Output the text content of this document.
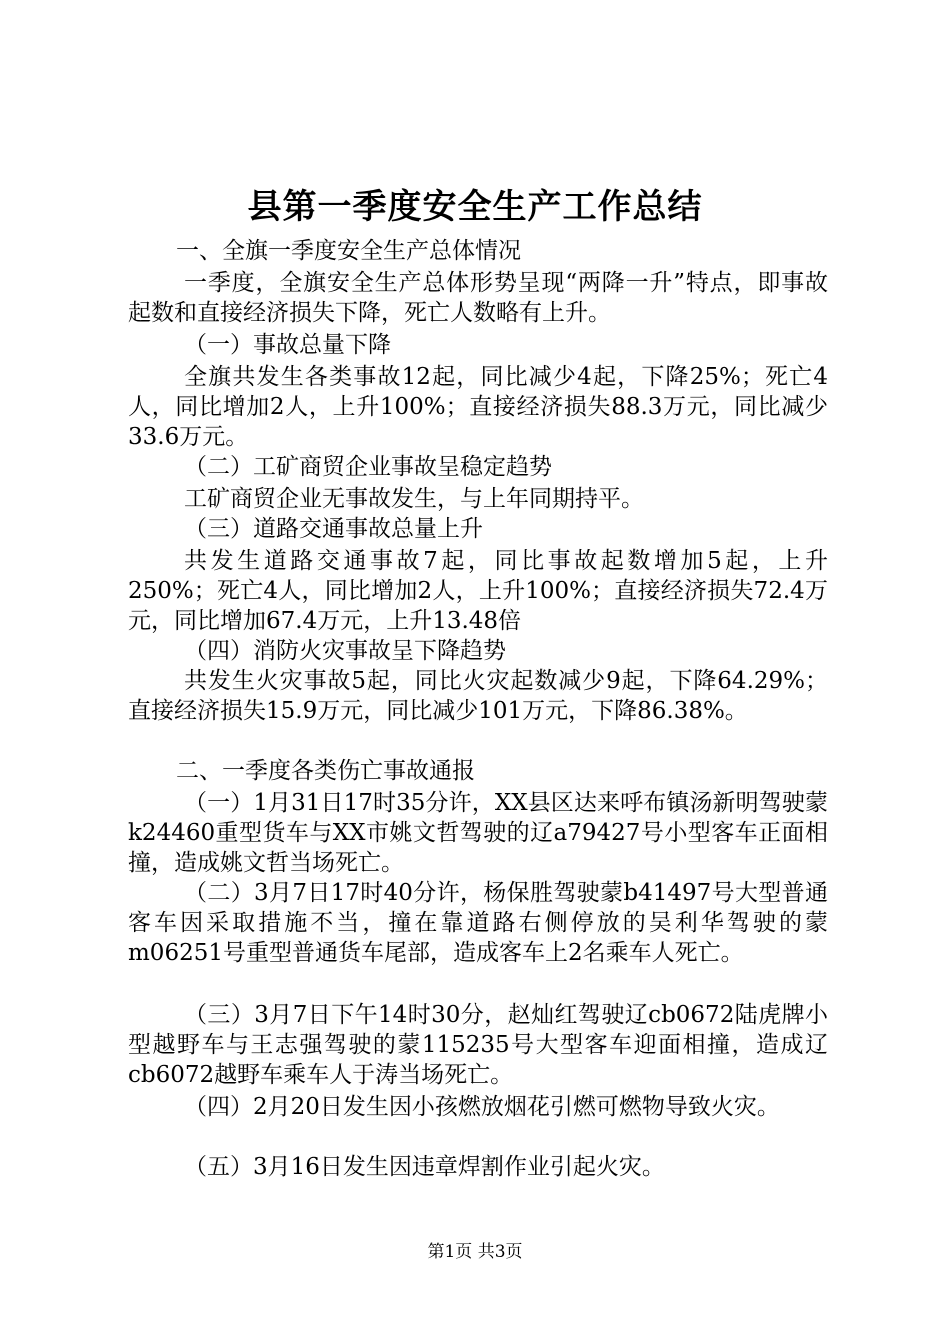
县第一季度安全生产工作总结
一、全旗一季度安全生产总体情况
一季度，全旗安全生产总体形势呈现“两降一升”特点，即事故起数和直接经济损失下降，死亡人数略有上升。
（一）事故总量下降
全旗共发生各类事故12起，同比减少4起，下降25%；死亡4人，同比增加2人，上升100%；直接经济损失88.3万元，同比减少33.6万元。
（二）工矿商贸企业事故呈稳定趋势
工矿商贸企业无事故发生，与上年同期持平。
（三）道路交通事故总量上升
共发生道路交通事故7起，同比事故起数增加5起，上升250%；死亡4人，同比增加2人，上升100%；直接经济损失72.4万元，同比增加67.4万元，上升13.48倍
（四）消防火灾事故呈下降趋势
共发生火灾事故5起，同比火灾起数减少9起，下降64.29%；直接经济损失15.9万元，同比减少101万元，下降86.38%。
二、一季度各类伤亡事故通报
（一）1月31日17时35分许，XX县区达来呼布镇汤新明驾驶蒙k24460重型货车与XX市姚文哲驾驶的辽a79427号小型客车正面相撞，造成姚文哲当场死亡。
（二）3月7日17时40分许，杨保胜驾驶蒙b41497号大型普通客车因采取措施不当，撞在靠道路右侧停放的吴利华驾驶的蒙m06251号重型普通货车尾部，造成客车上2名乘车人死亡。
（三）3月7日下午14时30分，赵灿红驾驶辽cb0672陆虎牌小型越野车与王志强驾驶的蒙115235号大型客车迎面相撞，造成辽cb6072越野车乘车人于涛当场死亡。
（四）2月20日发生因小孩燃放烟花引燃可燃物导致火灾。
（五）3月16日发生因违章焊割作业引起火灾。
第1页 共3页
